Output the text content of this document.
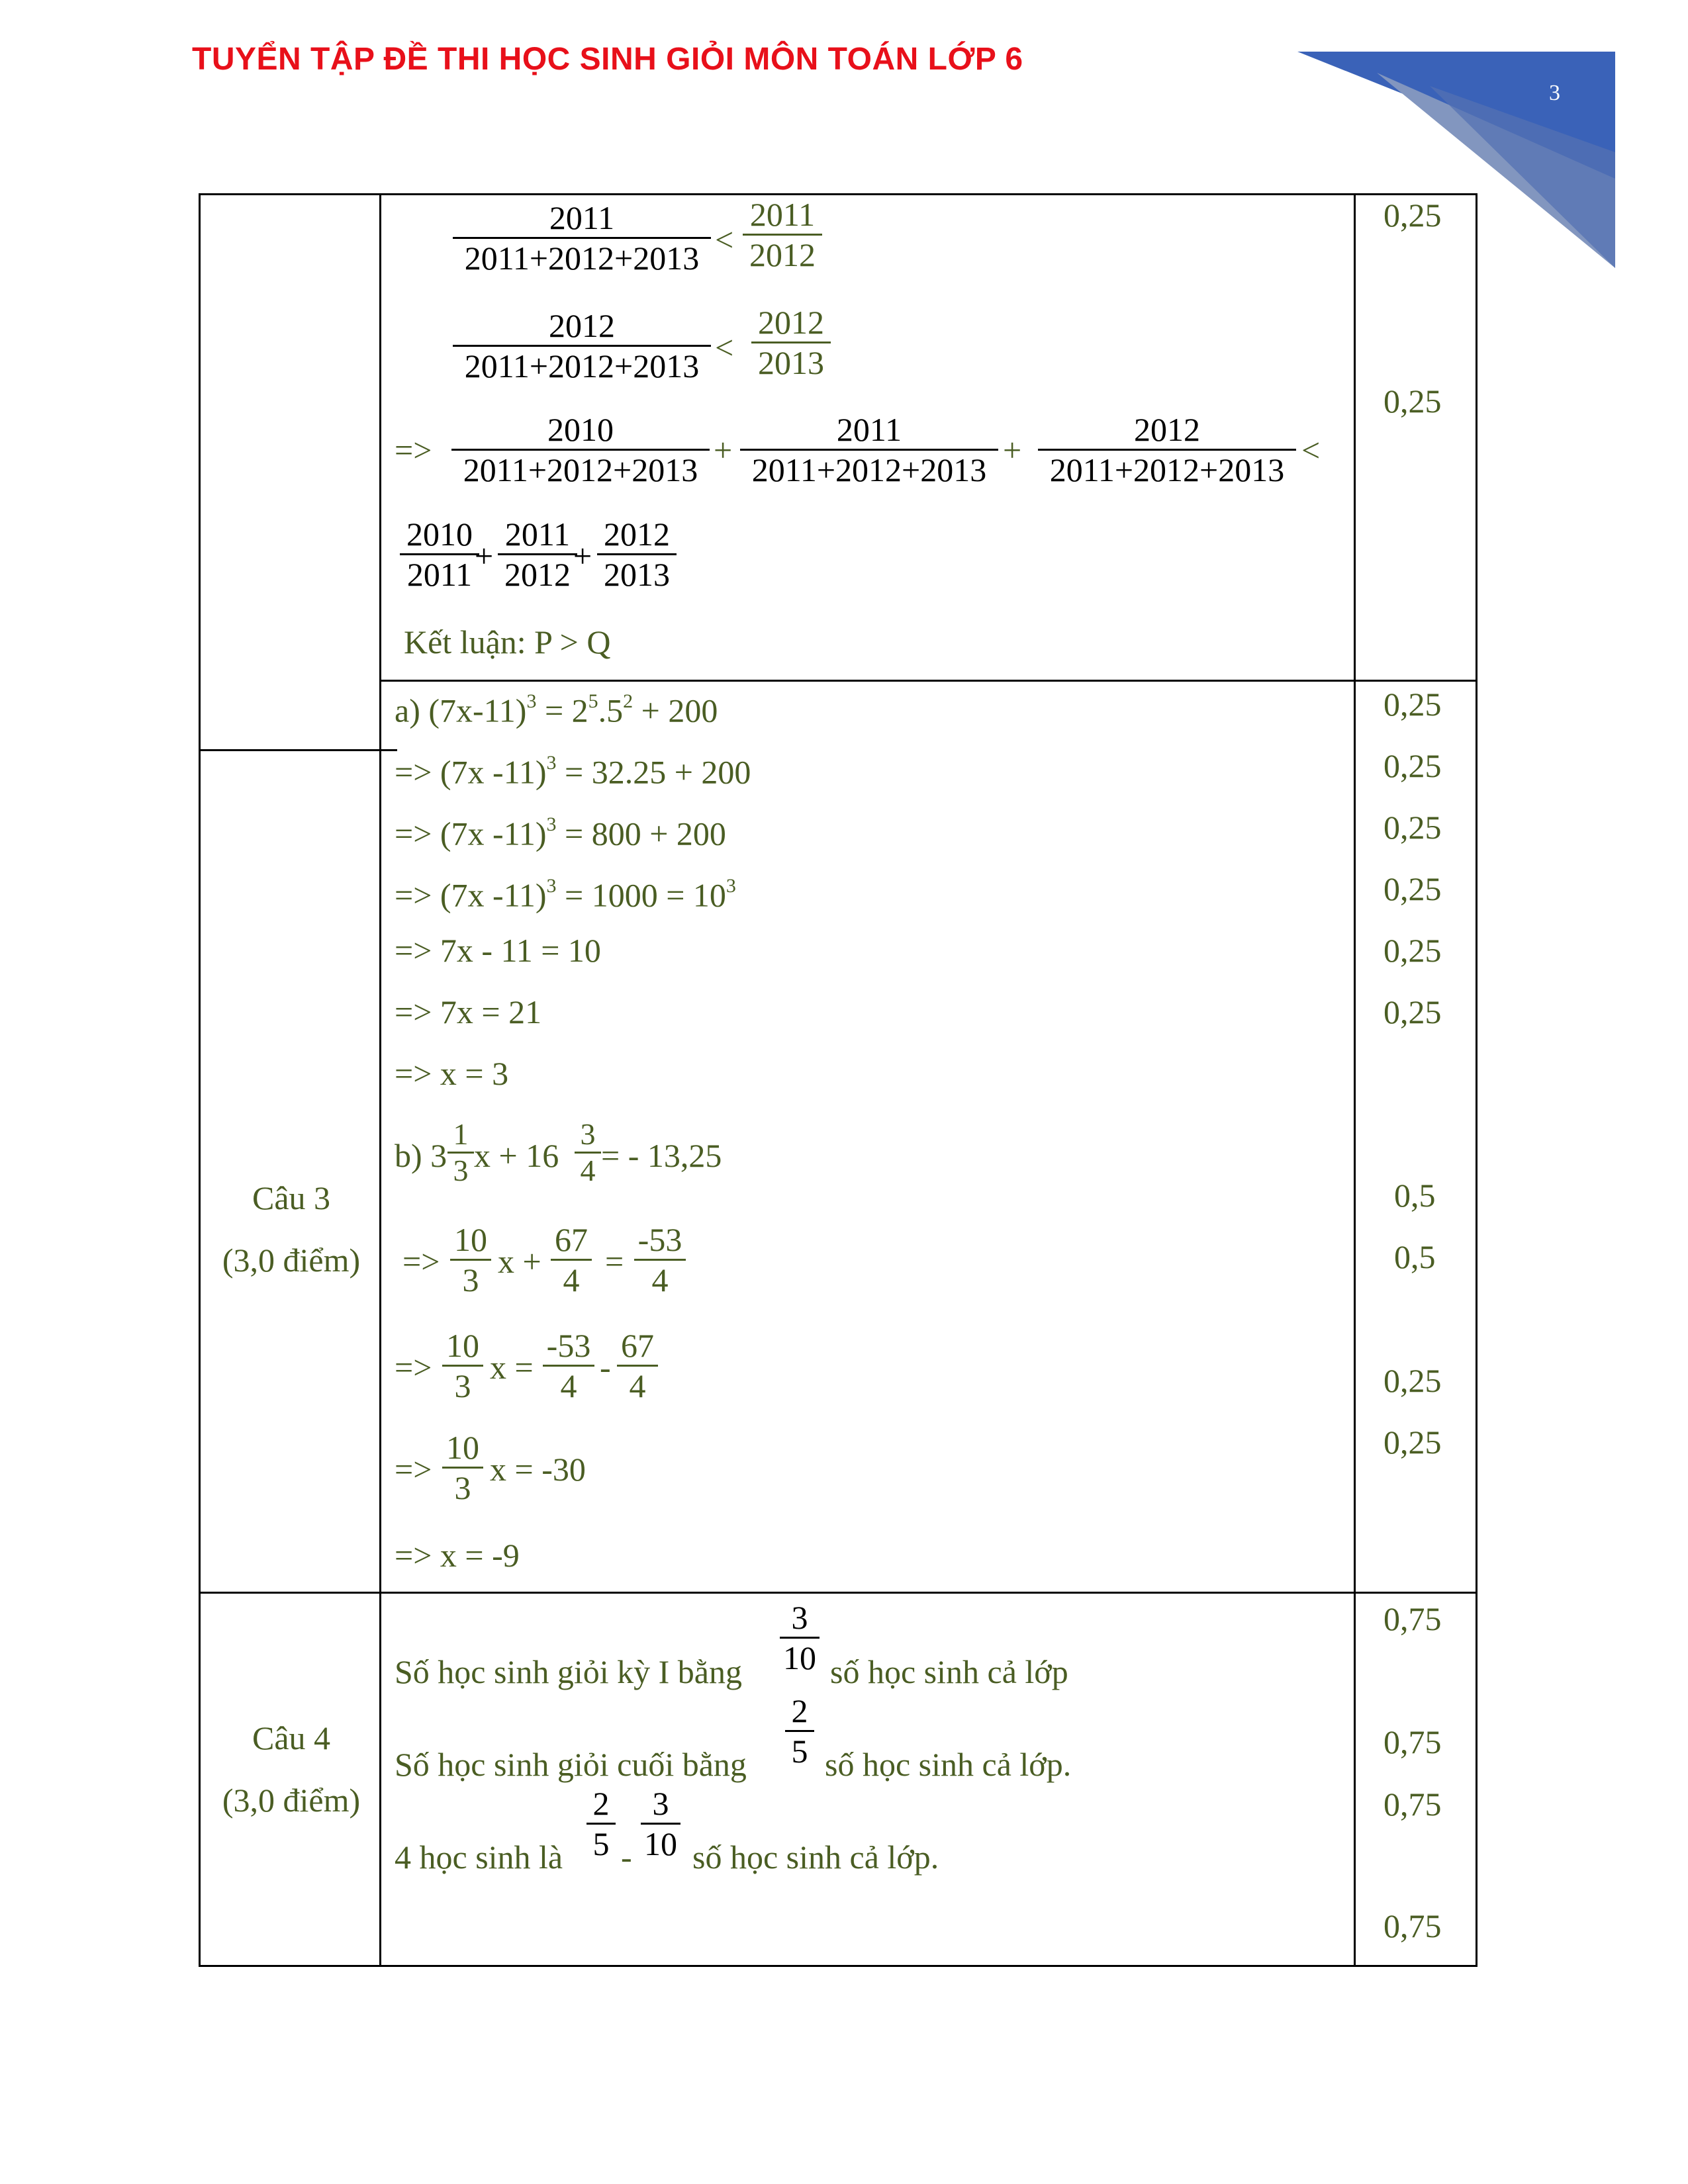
TUYỂN TẬP ĐỀ THI HỌC SINH GIỎI MÔN TOÁN LỚP 6
3
$\frac{2011}{2011+2012+2013} < \frac{2011}{2012}$
$\frac{2012}{2011+2012+2013} < \frac{2012}{2013}$
=> $\frac{2010}{2011+2012+2013} + \frac{2011}{2011+2012+2013} + \frac{2012}{2011+2012+2013}$ <
$\frac{2010}{2011}$
+ $\frac{2011}{2012}$
+ $\frac{2012}{2013}$
Kết luận: P > Q
0,25
0,25
Câu 3
(3,0 điểm)
a) $(7x-11)^3 = 2^5.5^2 + 200$
=> (7x -11)$^3$ = 32.25 + 200
=> (7x -11)$^3$ = 800 + 200
=> (7x $-11)^3 = 1000 = 10^3$
=> 7x - 11 = 10
=> 7x = 21
=> x = 3
b) $3 \frac{1}{3}$ $x + 16 \frac{3}{4}$ = - 13,25
=> $\frac{10}{3}$ $x + \frac{67}{4} = \frac{-53}{4}$
=> $\frac{10}{3}$ $x = \frac{-53}{4} - \frac{67}{4}$
=> $\frac{10}{3}$ x = -30
=> x = -9
0,25
0,25
0,25
0,25
0,25
0,25
0,5
0,5
0,25
0,25
Câu 4
(3,0 điểm)
Số học sinh giỏi kỳ I bằng $\frac{3}{10}$ số học sinh cả lớp
Số học sinh giỏi cuối bằng $\frac{2}{5}$ số học sinh cả lớp.
4 học sinh là $\frac{2}{5} - \frac{3}{10}$ số học sinh cả lớp.
0,75
0,75
0,75
0,75
